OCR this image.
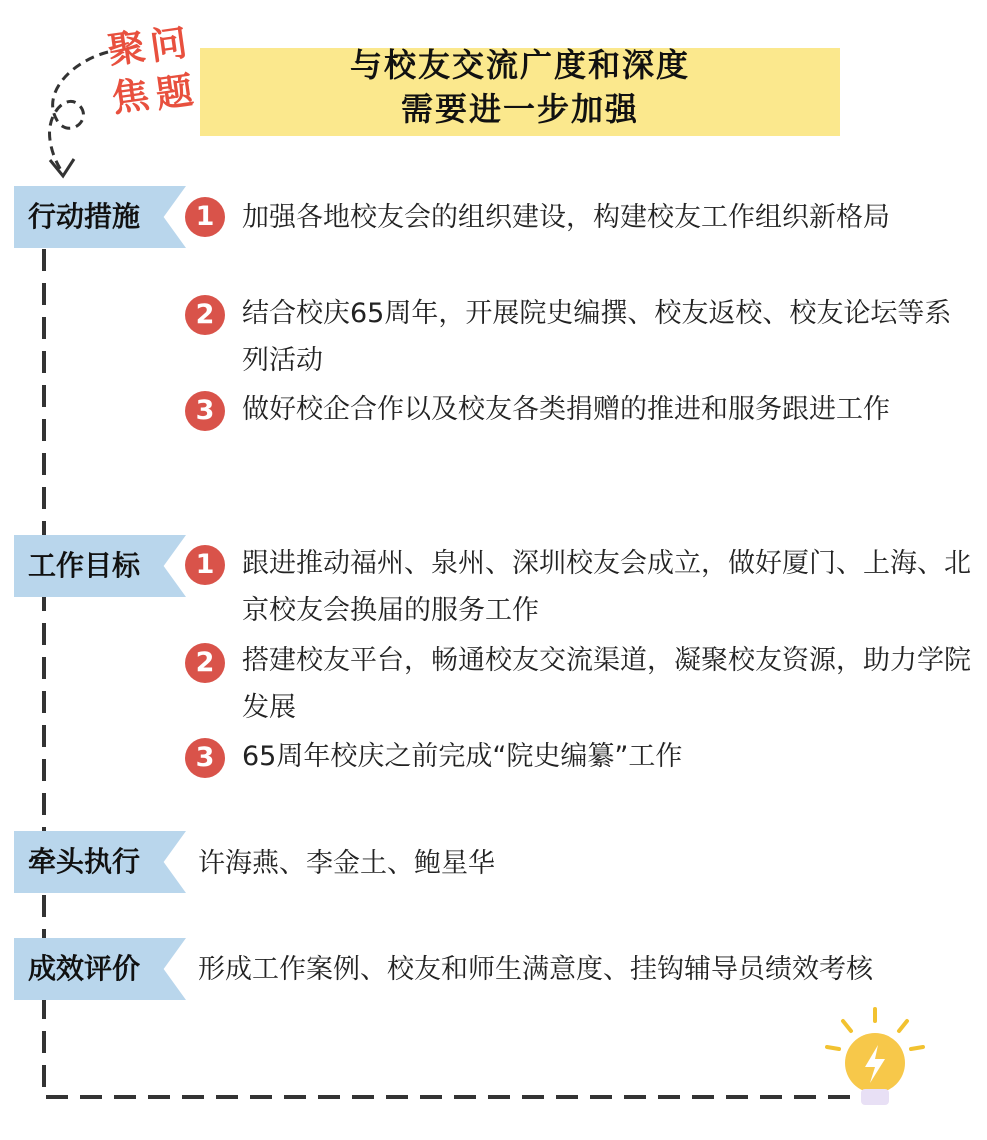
聚 问
焦 题
与校友交流广度和深度
需要进一步加强
行动措施	1	加强各地校友会的组织建设，构建校友工作组织新格局
2	结合校庆65周年，开展院史编撰、校友返校、校友论坛等系列活动
3	做好校企合作以及校友各类捐赠的推进和服务跟进工作
工作目标	1	跟进推动福州、泉州、深圳校友会成立，做好厦门、上海、北京校友会换届的服务工作
2	搭建校友平台，畅通校友交流渠道，凝聚校友资源，助力学院发展
3	65周年校庆之前完成“院史编纂”工作
牵头执行 许海燕、李金土、鲍星华
成效评价 形成工作案例、校友和师生满意度、挂钩辅导员绩效考核
